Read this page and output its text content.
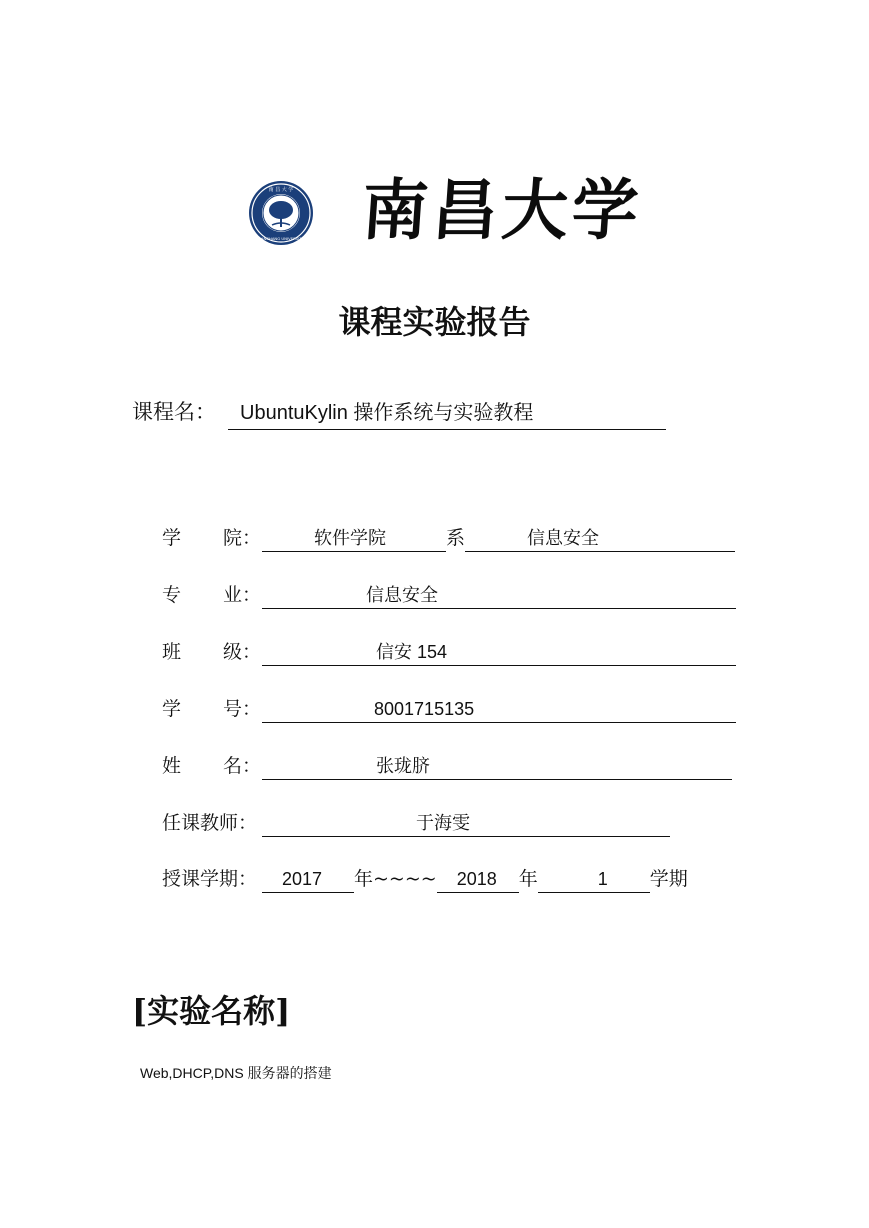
南 昌 大 学
NANCHANG UNIVERSITY 南昌大学
课程实验报告
课程名： UbuntuKylin 操作系统与实验教程
学 院：	软件学院	系	信息安全
专 业：	信息安全
班 级：	信安 154
学 号：	8001715135
姓 名：	张珑脐
任课教师：	于海雯
授课学期： 2017 年~~~~ 2018 年	1 学期
[实验名称]
Web,DHCP,DNS 服务器的搭建
